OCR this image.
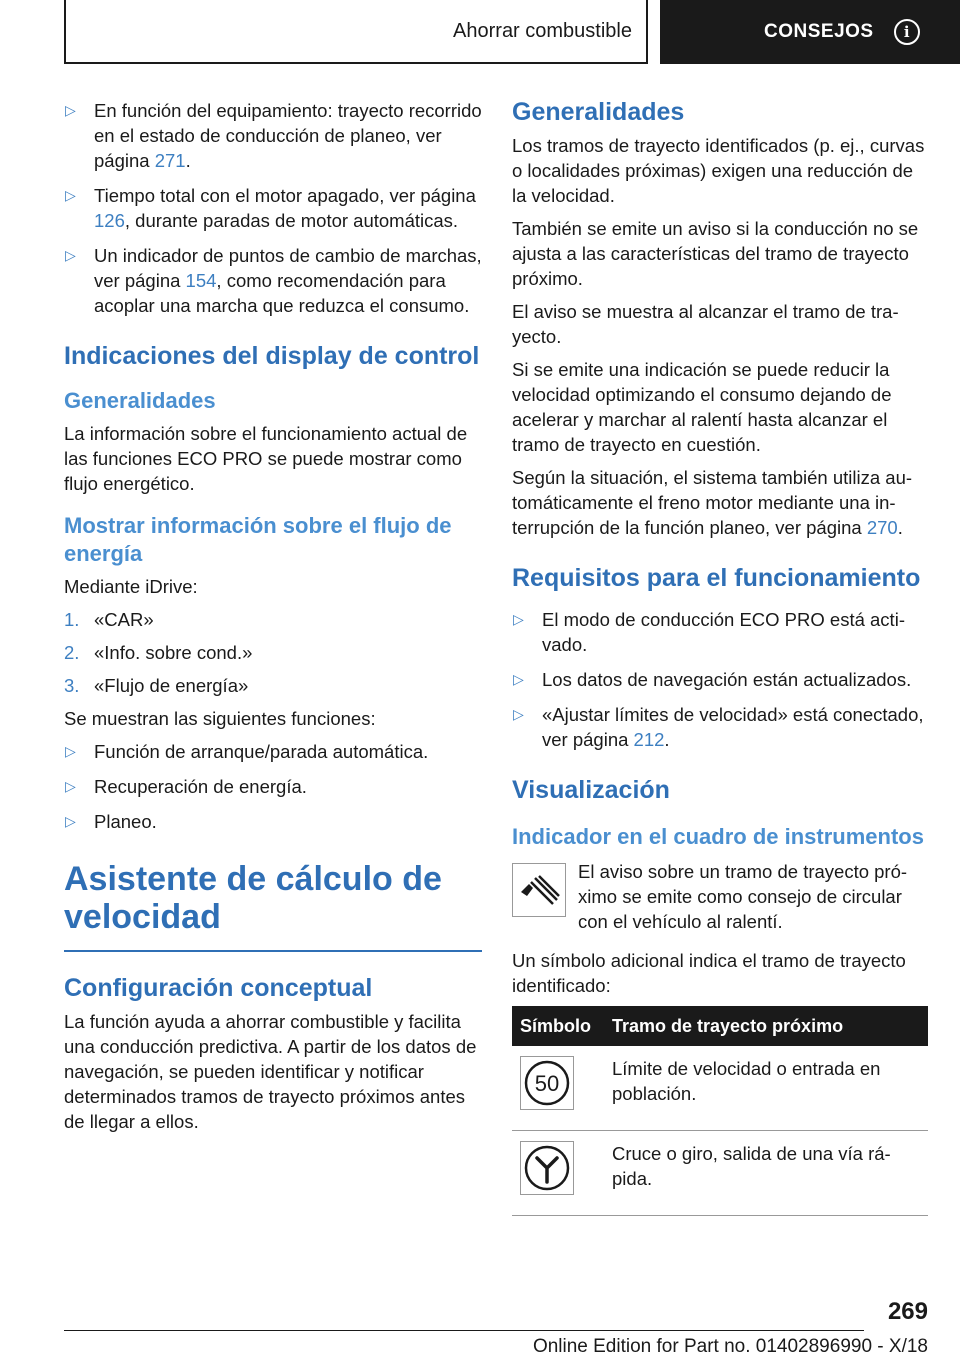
Ahorrar combustible	CONSEJOS	i
▷ En función del equipamiento: trayecto recorrido en el estado de conducción de planeo, ver página 271.
▷ Tiempo total con el motor apagado, ver página 126, durante paradas de motor automáticas.
▷ Un indicador de puntos de cambio de marchas, ver página 154, como recomendación para acoplar una marcha que reduzca el consumo.
Indicaciones del display de control
Generalidades

La información sobre el funcionamiento actual de las funciones ECO PRO se puede mostrar como flujo energético.

Mostrar información sobre el flujo de energía

Mediante iDrive:

1. «CAR»
2. «Info. sobre cond.»
3. «Flujo de energía»

Se muestran las siguientes funciones:

▷ Función de arranque/parada automática.
▷ Recuperación de energía.
▷ Planeo.
Asistente de cálculo de velocidad
Configuración conceptual

La función ayuda a ahorrar combustible y facilita una conducción predictiva. A partir de los datos de navegación, se pueden identificar y notificar determinados tramos de trayecto próximos antes de llegar a ellos.

Generalidades

Los tramos de trayecto identificados (p. ej., curvas o localidades próximas) exigen una reducción de la velocidad.

También se emite un aviso si la conducción no se ajusta a las características del tramo de trayecto próximo.

El aviso se muestra al alcanzar el tramo de trayecto.

Si se emite una indicación se puede reducir la velocidad optimizando el consumo dejando de acelerar y marchar al ralentí hasta alcanzar el tramo de trayecto en cuestión.

Según la situación, el sistema también utiliza automáticamente el freno motor mediante una interrupción de la función planeo, ver página 270.

Requisitos para el funcionamiento
▷ El modo de conducción ECO PRO está activado.
▷ Los datos de navegación están actualizados.
▷ «Ajustar límites de velocidad» está conectado, ver página 212.
Visualización
Indicador en el cuadro de instrumentos
El aviso sobre un tramo de trayecto próximo se emite como consejo de circular con el vehículo al ralentí.

Un símbolo adicional indica el tramo de trayecto identificado:

Símbolo	Tramo de trayecto próximo

50	Límite de velocidad o entrada en población.

	Cruce o giro, salida de una vía rápida.
269
Online Edition for Part no. 01402896990 - X/18
